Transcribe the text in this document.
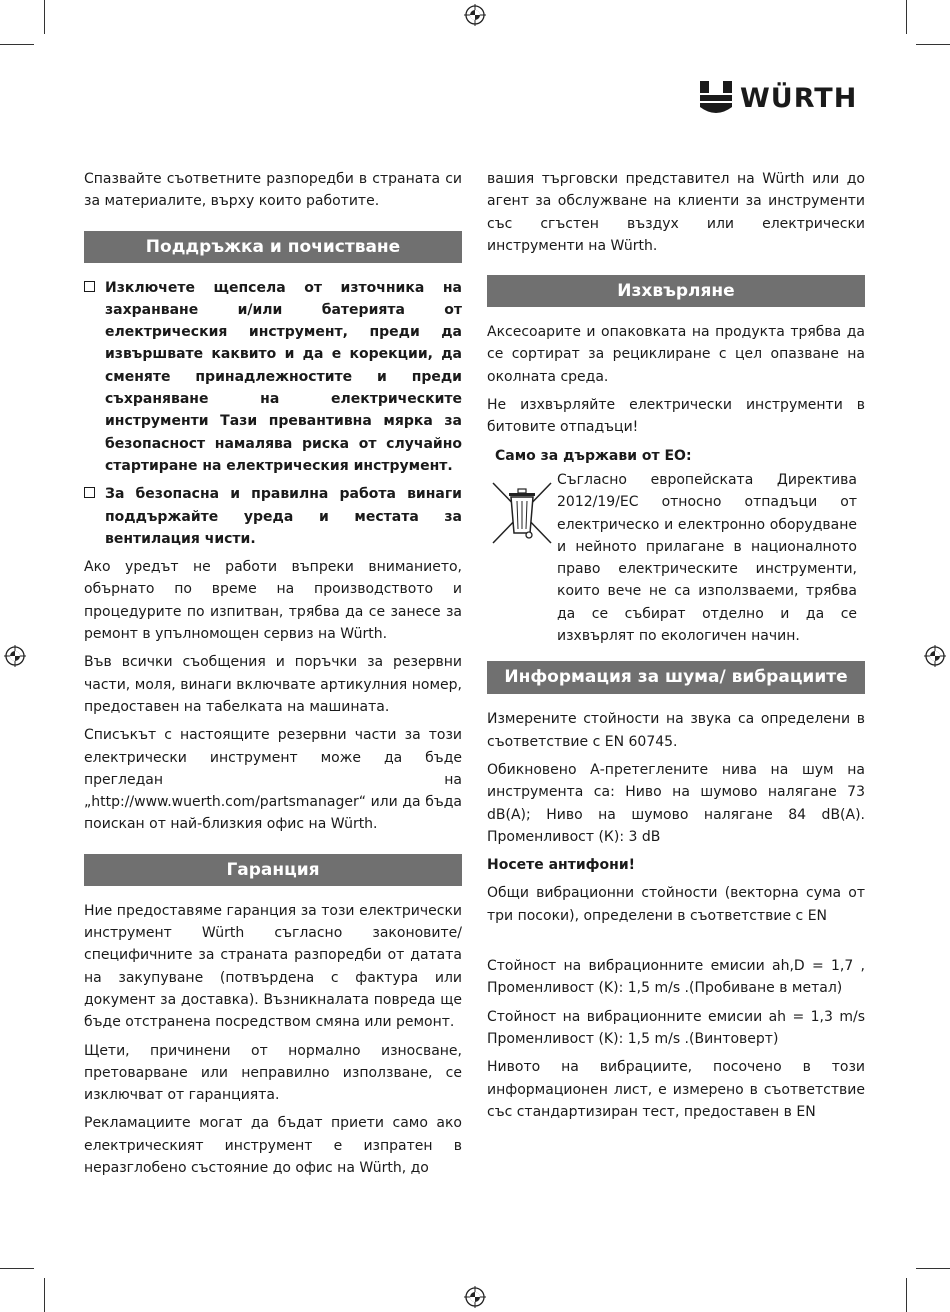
WÜRTH

Спазвайте съответните разпоредби в страната си за материалите, върху които работите.

Поддръжка и почистване
Изключете щепсела от източника на захранване и/или батерията от електрическия инструмент, преди да извършвате каквито и да е корекции, да сменяте принадлежностите и преди съхраняване на електрическите инструменти Тази превантивна мярка за безопасност намалява риска от случайно стартиране на електрическия инструмент.
За безопасна и правилна работа винаги поддържайте уреда и местата за вентилация чисти.

Ако уредът не работи въпреки вниманието, обърнато по време на производството и процедурите по изпитван, трябва да се занесе за ремонт в упълномощен сервиз на Würth.

Във всички съобщения и поръчки за резервни части, моля, винаги включвате артикулния номер, предоставен на табелката на машината.

Списъкът с настоящите резервни части за този електрически инструмент може да бъде прегледан на „http://www.wuerth.com/partsmanager“ или да бъда поискан от най-близкия офис на Würth.

Гаранция

Ние предоставяме гаранция за този електрически инструмент Würth съгласно законовите/ специфичните за страната разпоредби от датата на закупуване (потвърдена с фактура или документ за доставка). Възникналата повреда ще бъде отстранена посредством смяна или ремонт.

Щети, причинени от нормално износване, претоварване или неправилно използване, се изключват от гаранцията.

Рекламациите могат да бъдат приети само ако електрическият инструмент е изпратен в неразглобено състояние до офис на Würth, до

вашия търговски представител на Würth или до агент за обслужване на клиенти за инструменти със сгъстен въздух или електрически инструменти на Würth.

Изхвърляне

Аксесоарите и опаковката на продукта трябва да се сортират за рециклиране с цел опазване на околната среда.

Не изхвърляйте електрически инструменти в битовите отпадъци!

Само за държави от ЕО:
Съгласно европейската Директива 2012/19/ЕС относно отпадъци от електрическо и електронно оборудване и нейното прилагане в националното право електрическите инструменти, които вече не са използваеми, трябва да се събират отделно и да се изхвърлят по екологичен начин.
Информация за шума/ вибрациите

Измерените стойности на звука са определени в съответствие с EN 60745.

Обикновено А-претеглените нива на шум на инструмента са: Ниво на шумово налягане 73 dB(A); Ниво на шумово налягане 84 dB(A). Променливост (К): 3 dB

Носете антифони!

Общи вибрационни стойности (векторна сума от три посоки), определени в съответствие с EN

Стойност на вибрационните емисии ah,D = 1,7 , Променливост (K): 1,5 m/s .(Пробиване в метал)

Стойност на вибрационните емисии ah = 1,3 m/s Променливост (K): 1,5 m/s .(Винтоверт)

Нивото на вибрациите, посочено в този информационен лист, е измерено в съответствие със стандартизиран тест, предоставен в EN
